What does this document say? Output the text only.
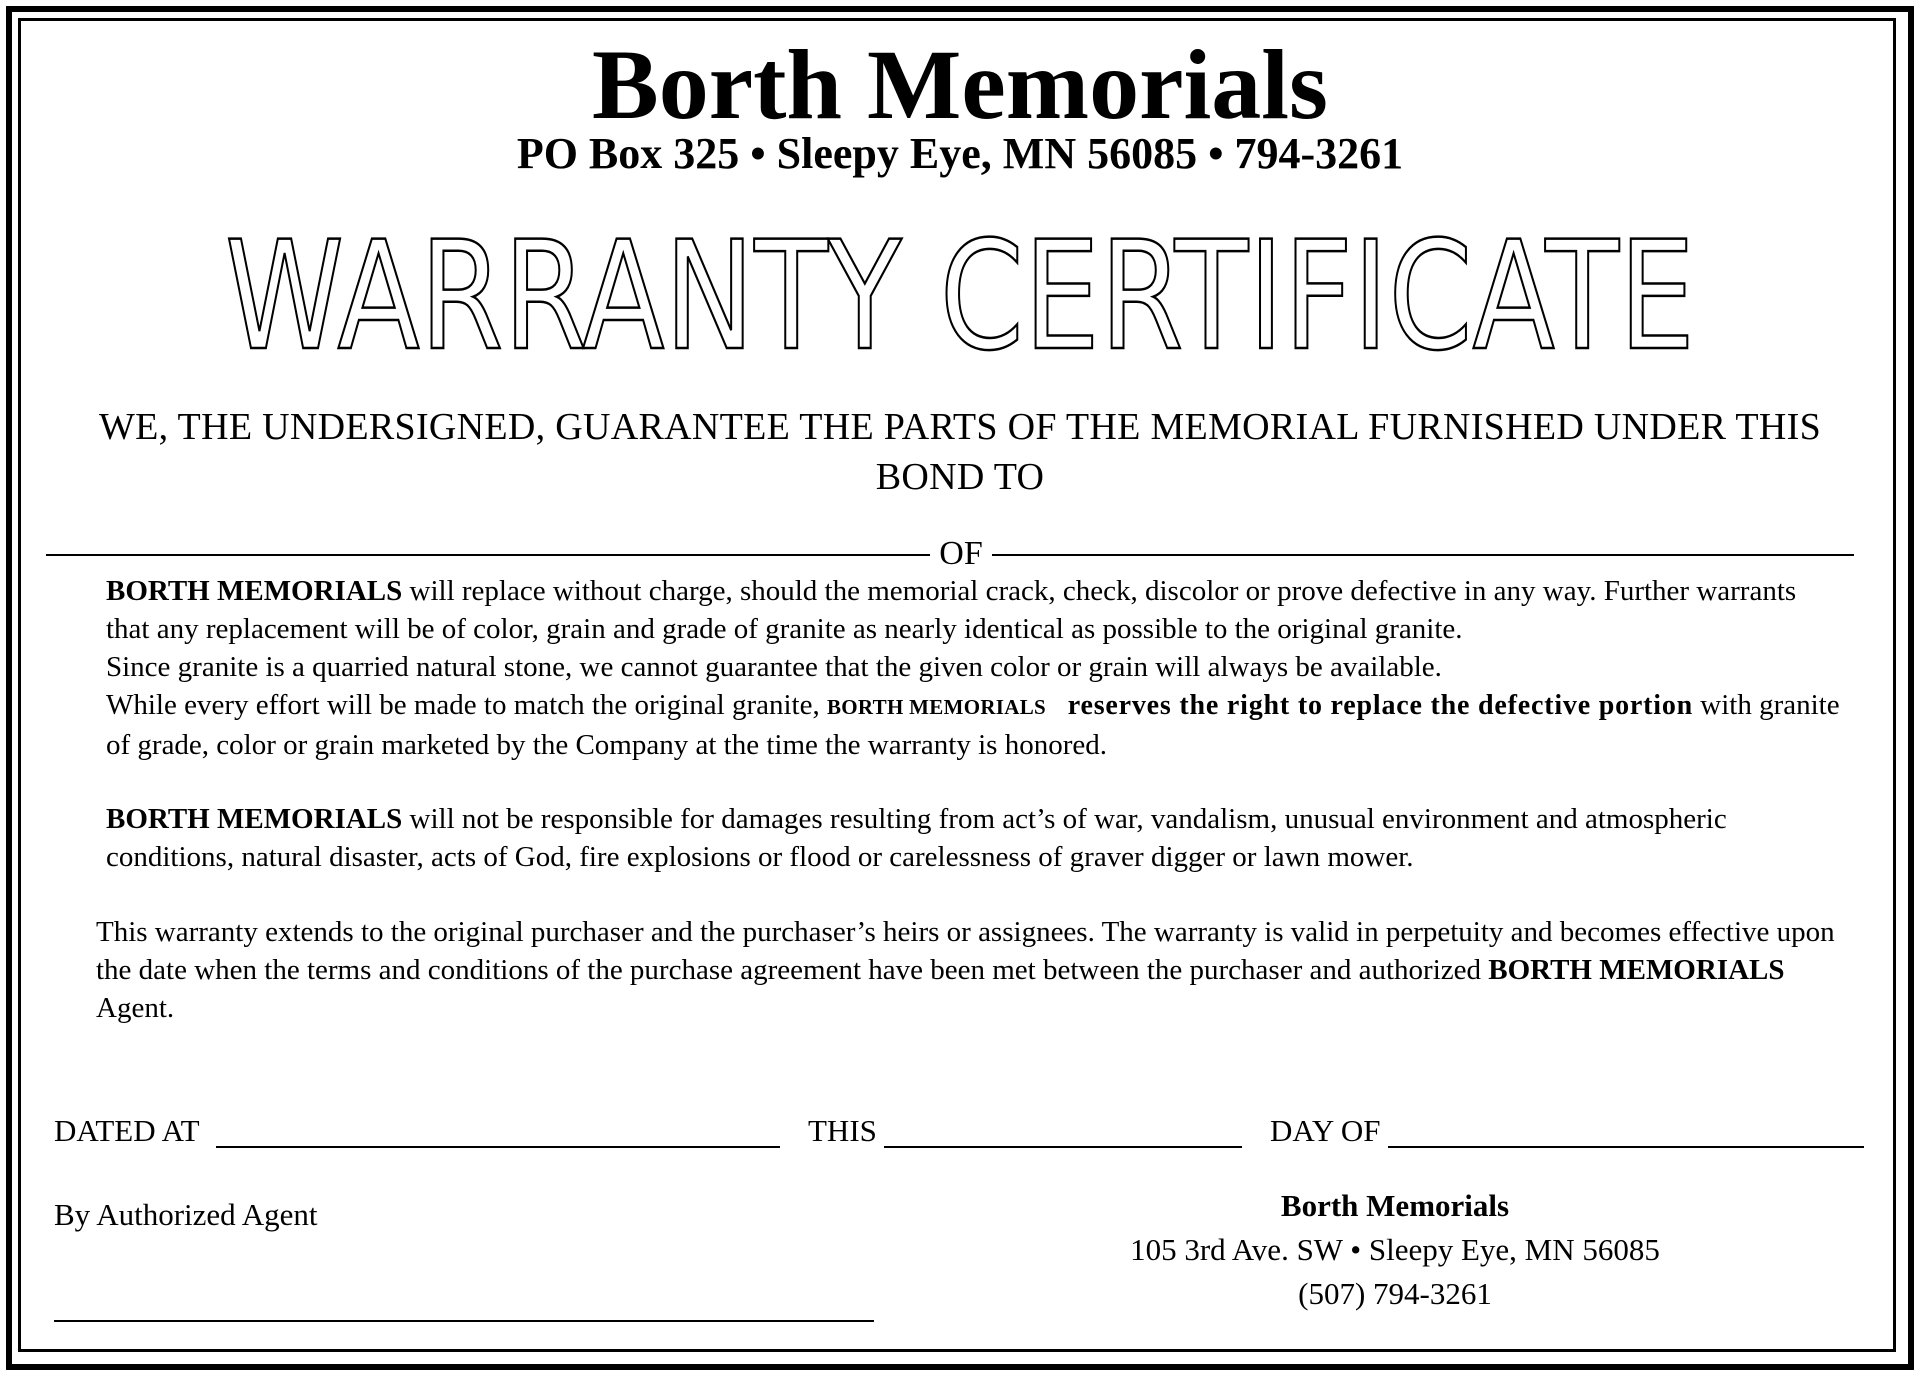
Borth Memorials
PO Box 325 • Sleepy Eye, MN 56085 • 794-3261
WARRANTY CERTIFICATE
WE, THE UNDERSIGNED, GUARANTEE THE PARTS OF THE MEMORIAL FURNISHED UNDER THIS BOND TO
OF
BORTH MEMORIALS will replace without charge, should the memorial crack, check, discolor or prove defective in any way. Further warrants that any replacement will be of color, grain and grade of granite as nearly identical as possible to the original granite.
Since granite is a quarried natural stone, we cannot guarantee that the given color or grain will always be available.
While every effort will be made to match the original granite, BORTH MEMORIALS reserves the right to replace the defective portion with granite of grade, color or grain marketed by the Company at the time the warranty is honored.
BORTH MEMORIALS will not be responsible for damages resulting from act’s of war, vandalism, unusual environment and atmospheric conditions, natural disaster, acts of God, fire explosions or flood or carelessness of graver digger or lawn mower.
This warranty extends to the original purchaser and the purchaser’s heirs or assignees. The warranty is valid in perpetuity and becomes effective upon the date when the terms and conditions of the purchase agreement have been met between the purchaser and authorized BORTH MEMORIALS Agent.
DATED AT	THIS	DAY OF
By Authorized Agent	Borth Memorials
105 3rd Ave. SW • Sleepy Eye, MN 56085
(507) 794-3261
